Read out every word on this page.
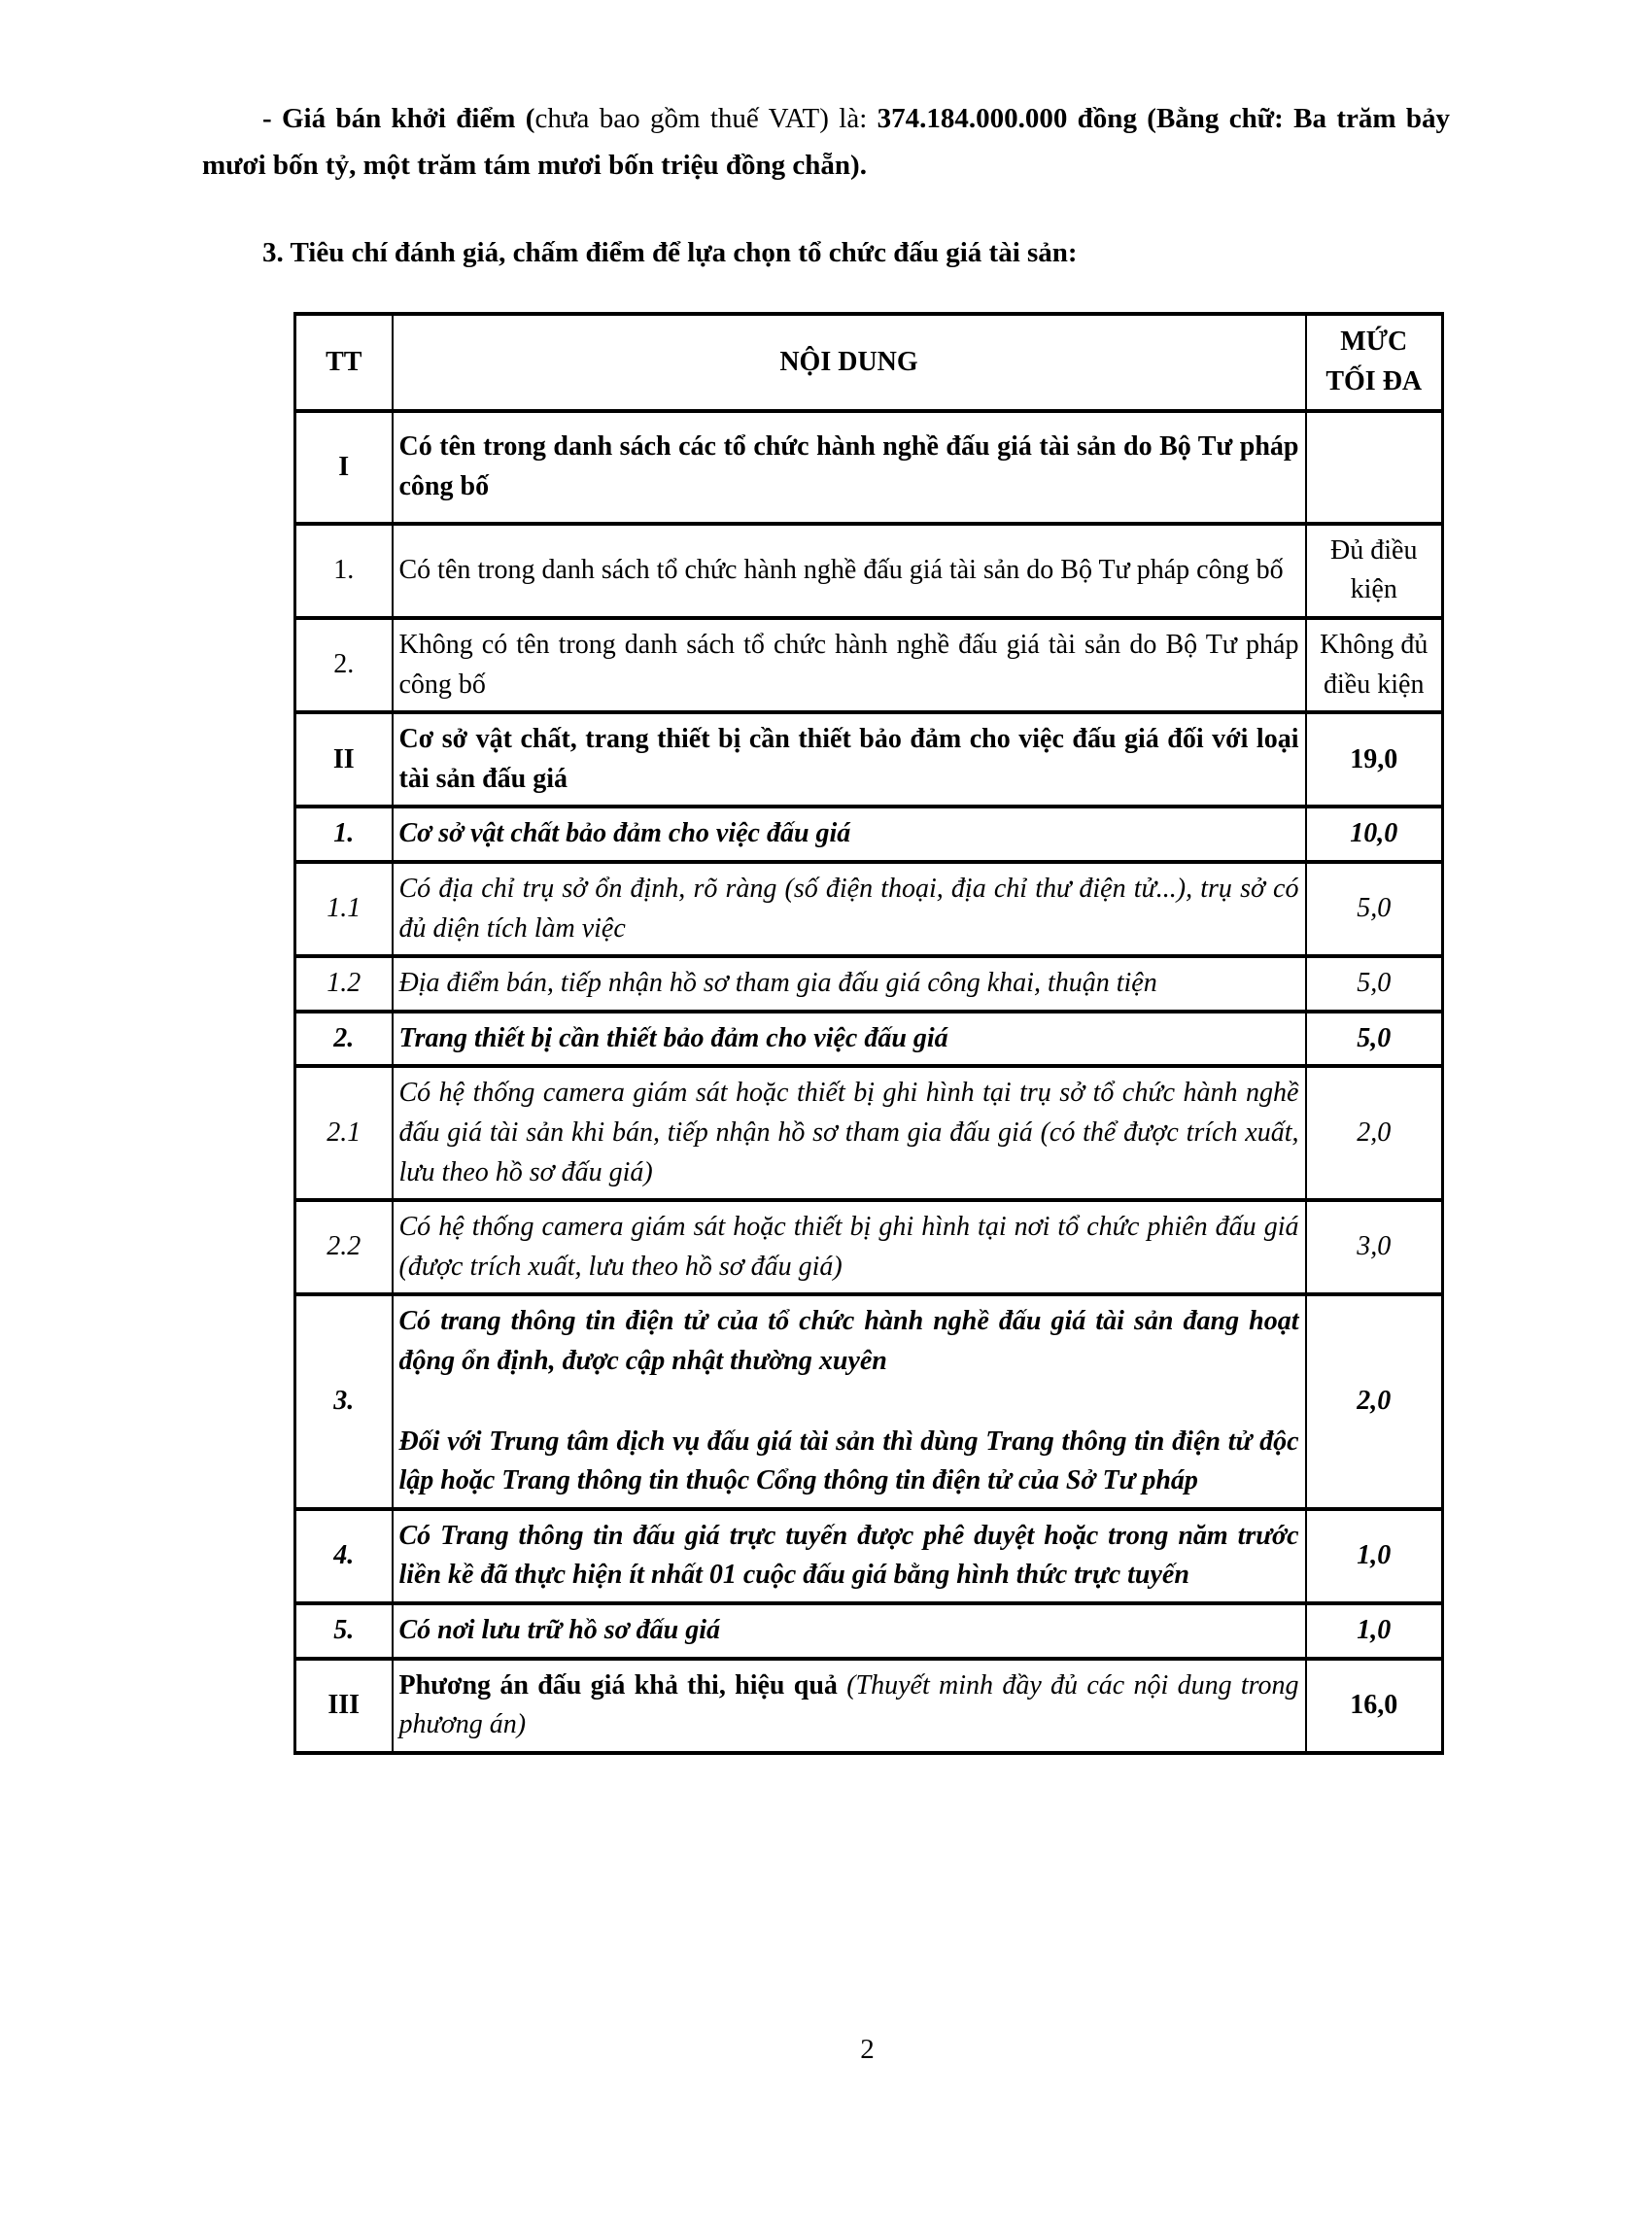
- Giá bán khởi điểm (chưa bao gồm thuế VAT) là: 374.184.000.000 đồng (Bằng chữ: Ba trăm bảy mươi bốn tỷ, một trăm tám mươi bốn triệu đồng chẵn).

3. Tiêu chí đánh giá, chấm điểm để lựa chọn tổ chức đấu giá tài sản:
TT	NỘI DUNG	MỨC TỐI ĐA
I	Có tên trong danh sách các tổ chức hành nghề đấu giá tài sản do Bộ Tư pháp công bố	

1.	Có tên trong danh sách tổ chức hành nghề đấu giá tài sản do Bộ Tư pháp công bố	Đủ điều kiện
2.	Không có tên trong danh sách tổ chức hành nghề đấu giá tài sản do Bộ Tư pháp công bố	Không đủ điều kiện
II	Cơ sở vật chất, trang thiết bị cần thiết bảo đảm cho việc đấu giá đối với loại tài sản đấu giá	19,0
1.	Cơ sở vật chất bảo đảm cho việc đấu giá	10,0
1.1	Có địa chỉ trụ sở ổn định, rõ ràng (số điện thoại, địa chỉ thư điện tử...), trụ sở có đủ diện tích làm việc	5,0
1.2	Địa điểm bán, tiếp nhận hồ sơ tham gia đấu giá công khai, thuận tiện	5,0
2.	Trang thiết bị cần thiết bảo đảm cho việc đấu giá	5,0
2.1	Có hệ thống camera giám sát hoặc thiết bị ghi hình tại trụ sở tổ chức hành nghề đấu giá tài sản khi bán, tiếp nhận hồ sơ tham gia đấu giá (có thể được trích xuất, lưu theo hồ sơ đấu giá)	2,0
2.2	Có hệ thống camera giám sát hoặc thiết bị ghi hình tại nơi tổ chức phiên đấu giá (được trích xuất, lưu theo hồ sơ đấu giá)	3,0
3.	Có trang thông tin điện tử của tổ chức hành nghề đấu giá tài sản đang hoạt động ổn định, được cập nhật thường xuyên

Đối với Trung tâm dịch vụ đấu giá tài sản thì dùng Trang thông tin điện tử độc lập hoặc Trang thông tin thuộc Cổng thông tin điện tử của Sở Tư pháp	2,0
4.	Có Trang thông tin đấu giá trực tuyến được phê duyệt hoặc trong năm trước liền kề đã thực hiện ít nhất 01 cuộc đấu giá bằng hình thức trực tuyến	1,0
5.	Có nơi lưu trữ hồ sơ đấu giá	1,0
III	Phương án đấu giá khả thi, hiệu quả (Thuyết minh đầy đủ các nội dung trong phương án)	16,0
2
